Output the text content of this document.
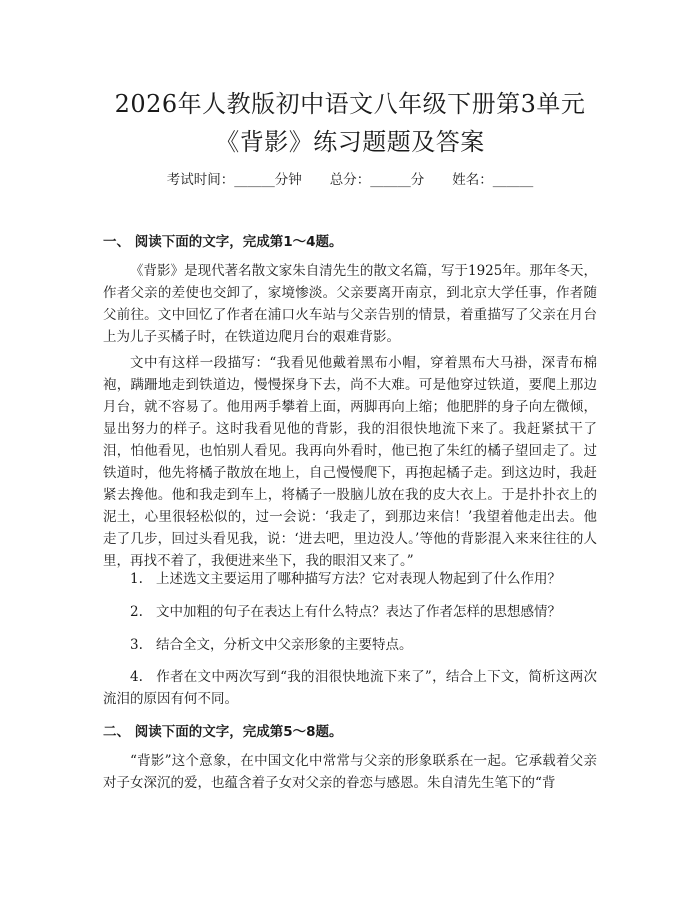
2026年人教版初中语文八年级下册第3单元
《背影》练习题题及答案
考试时间：______分钟 总分：______分 姓名：______
一、 阅读下面的文字，完成第1～4题。
《背影》是现代著名散文家朱自清先生的散文名篇，写于1925年。那年冬天，作者父亲的差使也交卸了，家境惨淡。父亲要离开南京，到北京大学任事，作者随父前往。文中回忆了作者在浦口火车站与父亲告别的情景，着重描写了父亲在月台上为儿子买橘子时，在铁道边爬月台的艰难背影。
文中有这样一段描写：“我看见他戴着黑布小帽，穿着黑布大马褂，深青布棉袍，蹒跚地走到铁道边，慢慢探身下去，尚不大难。可是他穿过铁道，要爬上那边月台，就不容易了。他用两手攀着上面，两脚再向上缩；他肥胖的身子向左微倾，显出努力的样子。这时我看见他的背影，我的泪很快地流下来了。我赶紧拭干了泪，怕他看见，也怕别人看见。我再向外看时，他已抱了朱红的橘子望回走了。过铁道时，他先将橘子散放在地上，自己慢慢爬下，再抱起橘子走。到这边时，我赶紧去搀他。他和我走到车上，将橘子一股脑儿放在我的皮大衣上。于是扑扑衣上的泥土，心里很轻松似的，过一会说：‘我走了，到那边来信！’我望着他走出去。他走了几步，回过头看见我，说：‘进去吧，里边没人。’等他的背影混入来来往往的人里，再找不着了，我便进来坐下，我的眼泪又来了。”
1. 上述选文主要运用了哪种描写方法？它对表现人物起到了什么作用？
2. 文中加粗的句子在表达上有什么特点？表达了作者怎样的思想感情？
3. 结合全文，分析文中父亲形象的主要特点。
4. 作者在文中两次写到“我的泪很快地流下来了”，结合上下文，简析这两次流泪的原因有何不同。
二、 阅读下面的文字，完成第5～8题。
“背影”这个意象，在中国文化中常常与父亲的形象联系在一起。它承载着父亲对子女深沉的爱，也蕴含着子女对父亲的眷恋与感恩。朱自清先生笔下的“背
